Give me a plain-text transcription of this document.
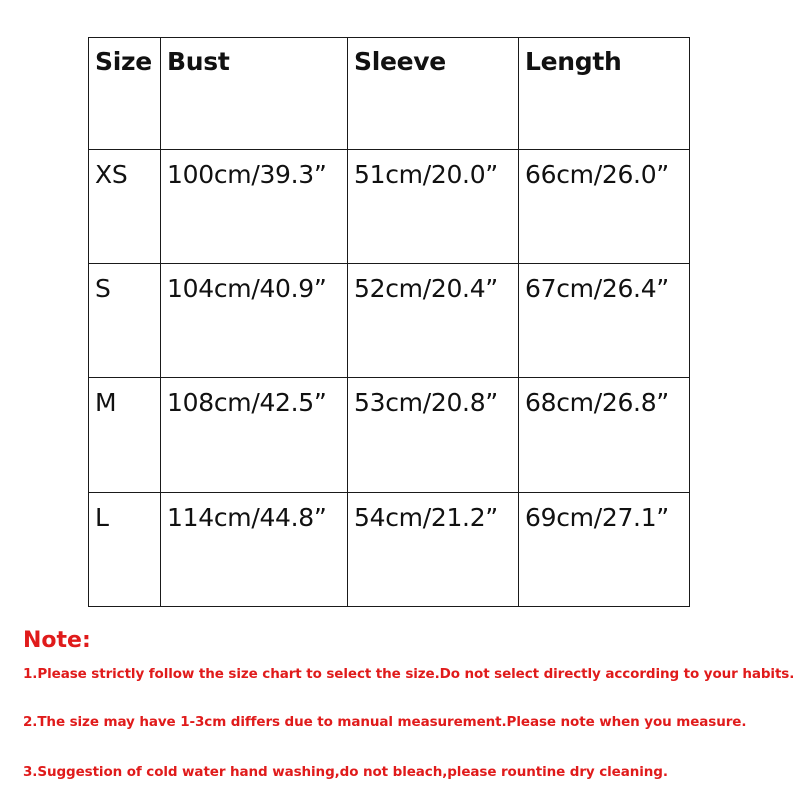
Size	Bust	Sleeve	Length
XS	100cm/39.3”	51cm/20.0”	66cm/26.0”
S	104cm/40.9”	52cm/20.4”	67cm/26.4”
M	108cm/42.5”	53cm/20.8”	68cm/26.8”
L	114cm/44.8”	54cm/21.2”	69cm/27.1”

Note:

1.Please strictly follow the size chart to select the size.Do not select directly according to your habits.

2.The size may have 1-3cm differs due to manual measurement.Please note when you measure.

3.Suggestion of cold water hand washing,do not bleach,please rountine dry cleaning.
